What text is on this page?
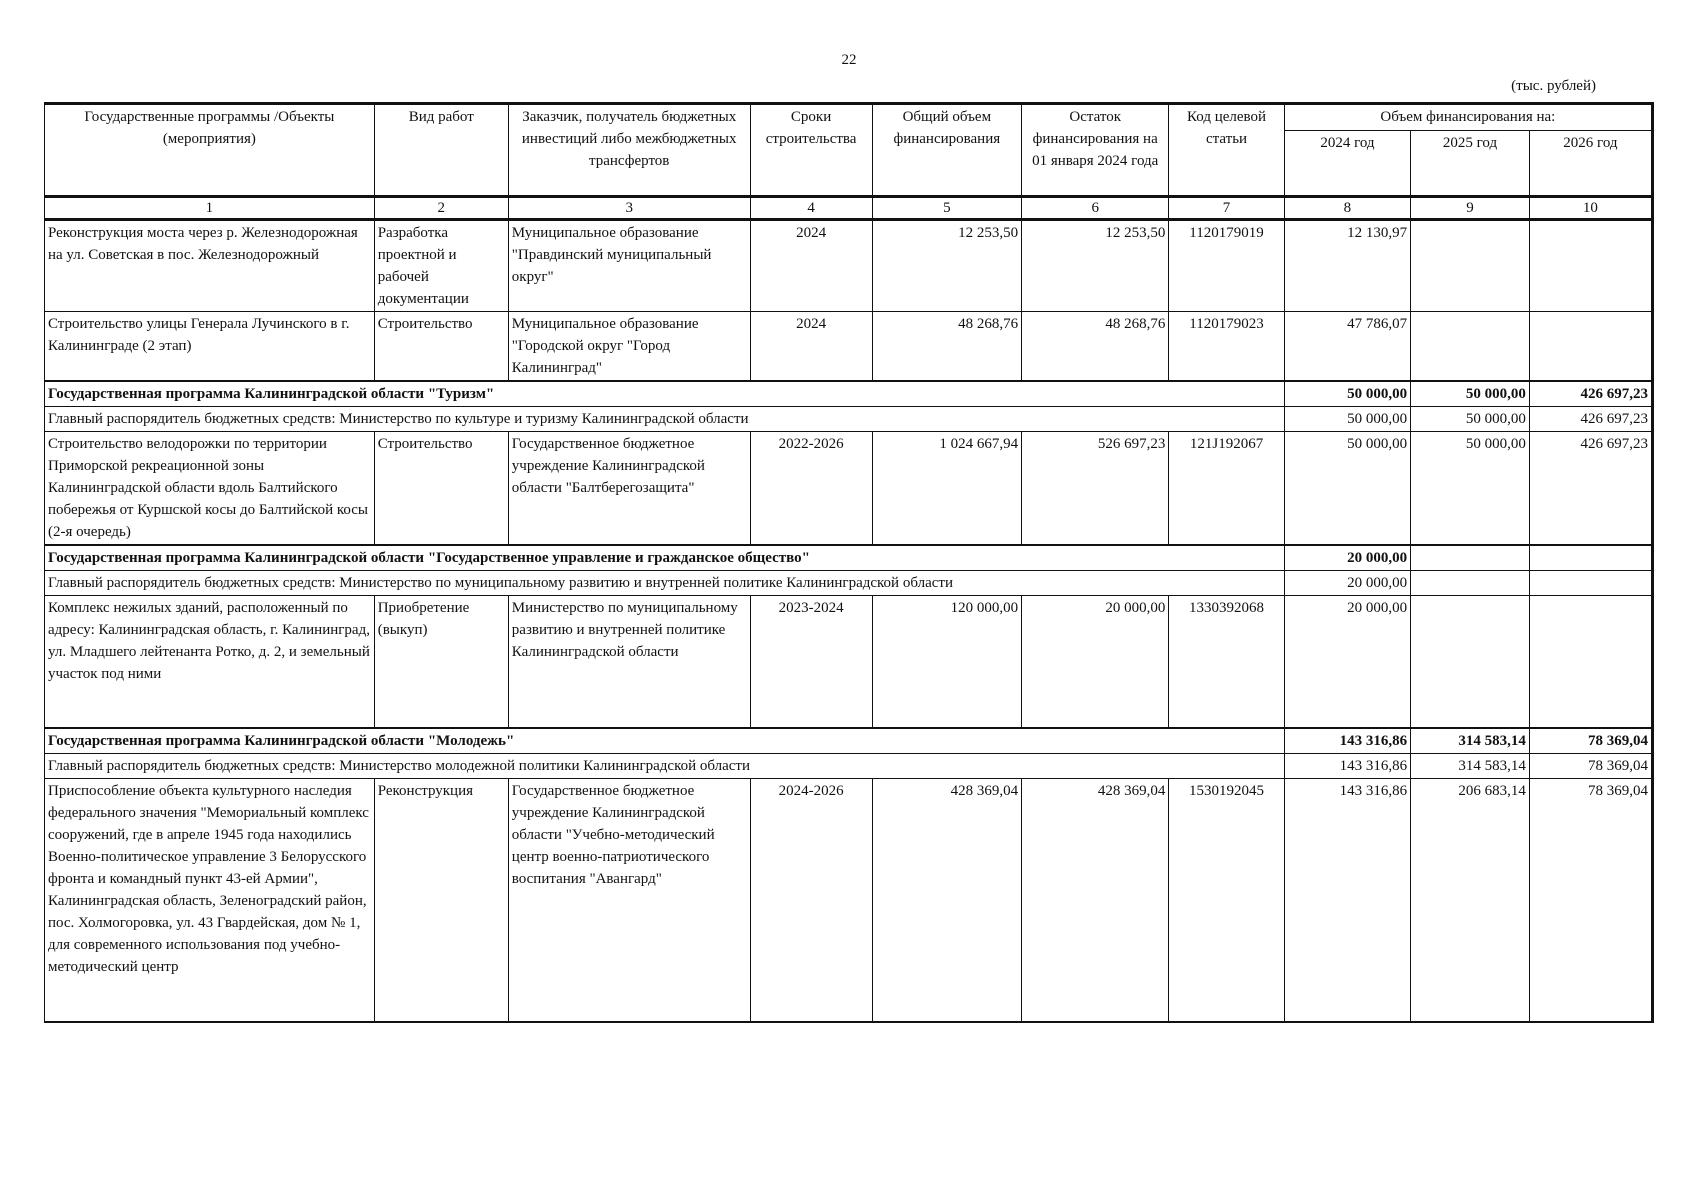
22
(тыс. рублей)
Государственные программы /Объекты (мероприятия)	Вид работ	Заказчик, получатель бюджетных инвестиций либо межбюджетных трансфертов	Сроки строительства	Общий объем финансирования	Остаток финансирования на 01 января 2024 года	Код целевой статьи	Объем финансирования на:		
							2024 год	2025 год	2026 год
1	2	3	4	5	6	7	8	9	10
Реконструкция моста через р. Железнодорожная на ул. Советская в пос. Железнодорожный	Разработка проектной и рабочей документации	Муниципальное образование "Правдинский муниципальный округ"	2024	12 253,50	12 253,50	1120179019	12 130,97		
Строительство улицы Генерала Лучинского в г. Калининграде (2 этап)	Строительство	Муниципальное образование "Городской округ "Город Калининград"	2024	48 268,76	48 268,76	1120179023	47 786,07		
Государственная программа Калининградской области "Туризм"							50 000,00	50 000,00	426 697,23
Главный распорядитель бюджетных средств: Министерство по культуре и туризму Калининградской области							50 000,00	50 000,00	426 697,23
Строительство велодорожки по территории Приморской рекреационной зоны Калининградской области вдоль Балтийского побережья от Куршской косы до Балтийской косы (2-я очередь)	Строительство	Государственное бюджетное учреждение Калининградской области "Балтберегозащита"	2022-2026	1 024 667,94	526 697,23	121J192067	50 000,00	50 000,00	426 697,23
Государственная программа Калининградской области "Государственное управление и гражданское общество"							20 000,00		
Главный распорядитель бюджетных средств: Министерство по муниципальному развитию и внутренней политике Калининградской области							20 000,00		
Комплекс нежилых зданий, расположенный по адресу: Калининградская область, г. Калининград, ул. Младшего лейтенанта Ротко, д. 2, и земельный участок под ними	Приобретение (выкуп)	Министерство по муниципальному развитию и внутренней политике Калининградской области	2023-2024	120 000,00	20 000,00	1330392068	20 000,00		
Государственная программа Калининградской области "Молодежь"							143 316,86	314 583,14	78 369,04
Главный распорядитель бюджетных средств: Министерство молодежной политики Калининградской области							143 316,86	314 583,14	78 369,04
Приспособление объекта культурного наследия федерального значения "Мемориальный комплекс сооружений, где в апреле 1945 года находились Военно-политическое управление 3 Белорусского фронта и командный пункт 43-ей Армии", Калининградская область, Зеленоградский район, пос. Холмогоровка, ул. 43 Гвардейская, дом № 1, для современного использования под учебно-методический центр	Реконструкция	Государственное бюджетное учреждение Калининградской области "Учебно-методический центр военно-патриотического воспитания "Авангард"	2024-2026	428 369,04	428 369,04	1530192045	143 316,86	206 683,14	78 369,04
